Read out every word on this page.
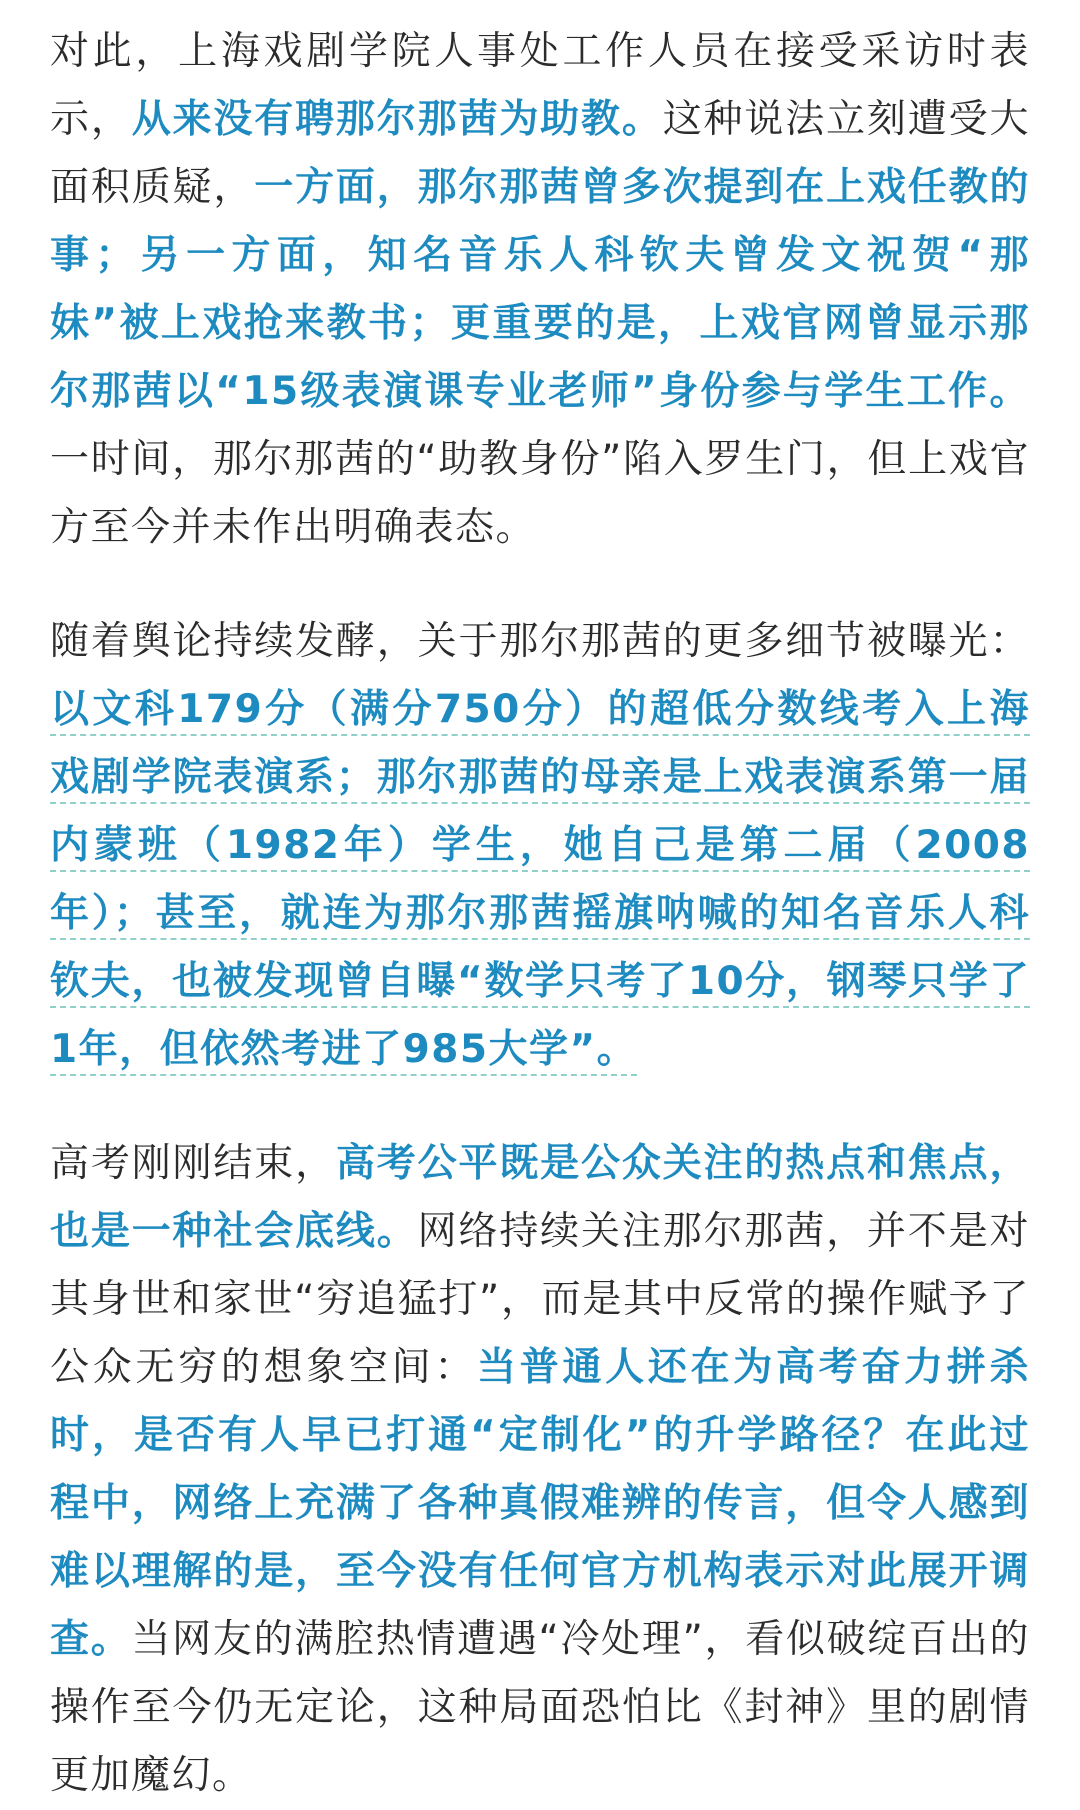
对此，上海戏剧学院人事处工作人员在接受采访时表示，从来没有聘那尔那茜为助教。这种说法立刻遭受大面积质疑，一方面，那尔那茜曾多次提到在上戏任教的事；另一方面，知名音乐人科钦夫曾发文祝贺“那妹”被上戏抢来教书；更重要的是，上戏官网曾显示那尔那茜以“15级表演课专业老师”身份参与学生工作。一时间，那尔那茜的“助教身份”陷入罗生门，但上戏官方至今并未作出明确表态。

随着舆论持续发酵，关于那尔那茜的更多细节被曝光：以文科179分（满分750分）的超低分数线考入上海戏剧学院表演系；那尔那茜的母亲是上戏表演系第一届内蒙班（1982年）学生，她自己是第二届（2008年）；甚至，就连为那尔那茜摇旗呐喊的知名音乐人科钦夫，也被发现曾自曝“数学只考了10分，钢琴只学了1年，但依然考进了985大学”。

高考刚刚结束，高考公平既是公众关注的热点和焦点，也是一种社会底线。网络持续关注那尔那茜，并不是对其身世和家世“穷追猛打”，而是其中反常的操作赋予了公众无穷的想象空间：当普通人还在为高考奋力拼杀时，是否有人早已打通“定制化”的升学路径？在此过程中，网络上充满了各种真假难辨的传言，但令人感到难以理解的是，至今没有任何官方机构表示对此展开调查。当网友的满腔热情遭遇“冷处理”，看似破绽百出的操作至今仍无定论，这种局面恐怕比《封神》里的剧情更加魔幻。
